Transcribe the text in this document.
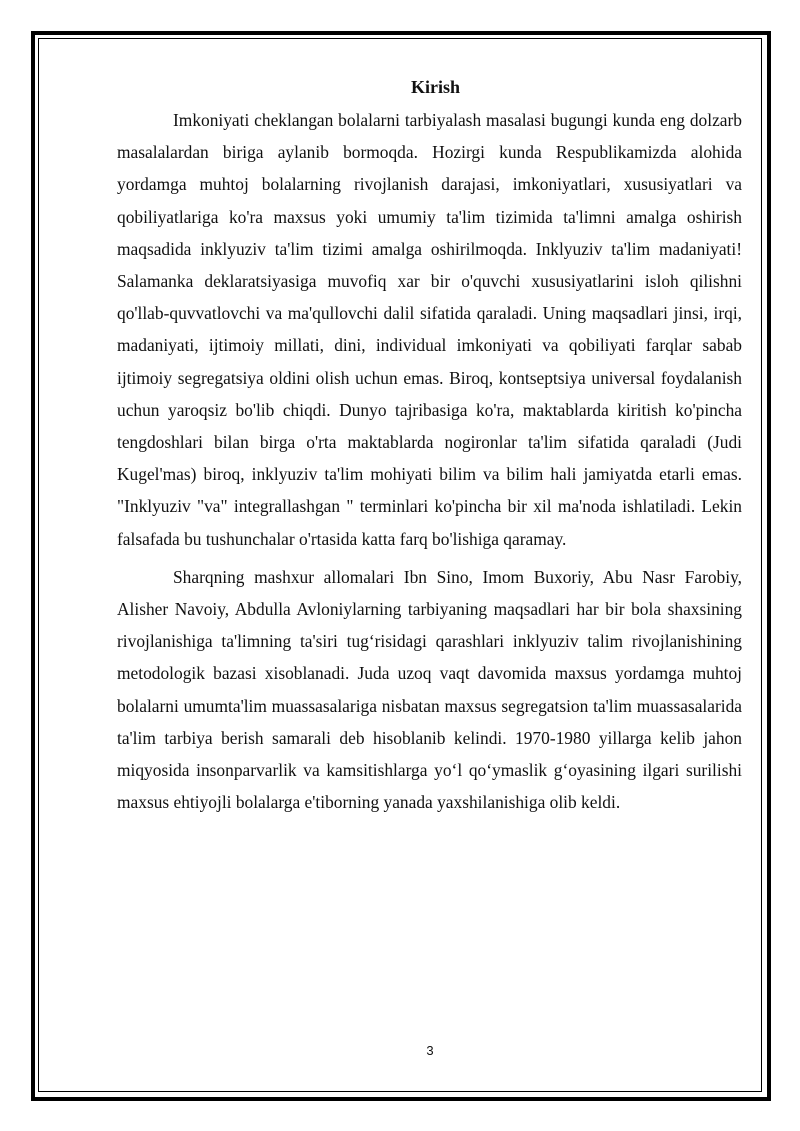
Kirish

Imkoniyati cheklangan bolalarni tarbiyalash masalasi bugungi kunda eng dolzarb masalalardan biriga aylanib bormoqda. Hozirgi kunda Respublikamizda alohida yordamga muhtoj bolalarning rivojlanish darajasi, imkoniyatlari, xususiyatlari va qobiliyatlariga ko'ra maxsus yoki umumiy ta'lim tizimida ta'limni amalga oshirish maqsadida inklyuziv ta'lim tizimi amalga oshirilmoqda. Inklyuziv ta'lim madaniyati! Salamanka deklaratsiyasiga muvofiq xar bir o'quvchi xususiyatlarini isloh qilishni qo'llab-quvvatlovchi va ma'qullovchi dalil sifatida qaraladi. Uning maqsadlari jinsi, irqi, madaniyati, ijtimoiy millati, dini, individual imkoniyati va qobiliyati farqlar sabab ijtimoiy segregatsiya oldini olish uchun emas. Biroq, kontseptsiya universal foydalanish uchun yaroqsiz bo'lib chiqdi. Dunyo tajribasiga ko'ra, maktablarda kiritish ko'pincha tengdoshlari bilan birga o'rta maktablarda nogironlar ta'lim sifatida qaraladi (Judi Kugel'mas) biroq, inklyuziv ta'lim mohiyati bilim va bilim hali jamiyatda etarli emas. "Inklyuziv "va" integrallashgan " terminlari ko'pincha bir xil ma'noda ishlatiladi. Lekin falsafada bu tushunchalar o'rtasida katta farq bo'lishiga qaramay.

Sharqning mashxur allomalari Ibn Sino, Imom Buxoriy, Abu Nasr Farobiy, Alisher Navoiy, Abdulla Avloniylarning tarbiyaning maqsadlari har bir bola shaxsining rivojlanishiga ta'limning ta'siri tug‘risidagi qarashlari inklyuziv talim rivojlanishining metodologik bazasi xisoblanadi. Juda uzoq vaqt davomida maxsus yordamga muhtoj bolalarni umumta'lim muassasalariga nisbatan maxsus segregatsion ta'lim muassasalarida ta'lim tarbiya berish samarali deb hisoblanib kelindi. 1970-1980 yillarga kelib jahon miqyosida insonparvarlik va kamsitishlarga yo‘l qo‘ymaslik g‘oyasining ilgari surilishi maxsus ehtiyojli bolalarga e'tiborning yanada yaxshilanishiga olib keldi.

3
